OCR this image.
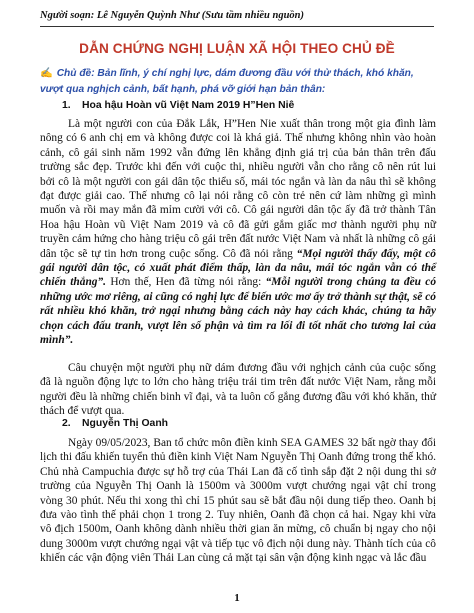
Người soạn: Lê Nguyễn Quỳnh Như (Sưu tầm nhiều nguồn)
DẪN CHỨNG NGHỊ LUẬN XÃ HỘI THEO CHỦ ĐỀ
✍ Chủ đề: Bản lĩnh, ý chí nghị lực, dám đương đầu với thử thách, khó khăn, vượt qua nghịch cảnh, bất hạnh, phá vỡ giới hạn bản thân:
1. Hoa hậu Hoàn vũ Việt Nam 2019 H”Hen Niê

Là một người con của Đắk Lắk, H”Hen Nie xuất thân trong một gia đình làm nông có 6 anh chị em và không được coi là khá giả. Thế nhưng không nhìn vào hoàn cảnh, cô gái sinh năm 1992 vẫn đứng lên khẳng định giá trị của bản thân trên đấu trường sắc đẹp. Trước khi đến với cuộc thi, nhiều người vẫn cho rằng cô nên rút lui bởi cô là một người con gái dân tộc thiểu số, mái tóc ngắn và làn da nâu thì sẽ không đạt được giải cao. Thế nhưng cô lại nói rằng cô còn trẻ nên cứ làm những gì mình muốn và rồi may mắn đã mỉm cười với cô. Cô gái người dân tộc ấy đã trở thành Tân Hoa hậu Hoàn vũ Việt Nam 2019 và cô đã gửi gắm giấc mơ thành người phụ nữ truyền cảm hứng cho hàng triệu cô gái trên đất nước Việt Nam và nhất là những cô gái dân tộc sẽ tự tin hơn trong cuộc sống. Cô đã nói rằng “Mọi người thấy đấy, một cô gái người dân tộc, có xuất phát điểm thấp, làn da nâu, mái tóc ngắn vẫn có thể chiến thắng”. Hơn thế, Hen đã từng nói rằng: “Mỗi người trong chúng ta đều có những ước mơ riêng, ai cũng có nghị lực để biến ước mơ ấy trở thành sự thật, sẽ có rất nhiều khó khăn, trở ngại nhưng bằng cách này hay cách khác, chúng ta hãy chọn cách đấu tranh, vượt lên số phận và tìm ra lối đi tốt nhất cho tương lai của mình”.

Câu chuyện một người phụ nữ dám đương đầu với nghịch cảnh của cuộc sống đã là nguồn động lực to lớn cho hàng triệu trái tim trên đất nước Việt Nam, rằng mỗi người đều là những chiến binh vĩ đại, và ta luôn cố gắng đương đầu với khó khăn, thử thách để vượt qua.

2. Nguyễn Thị Oanh

Ngày 09/05/2023, Ban tổ chức môn điền kinh SEA GAMES 32 bất ngờ thay đổi lịch thi đấu khiến tuyển thủ điền kinh Việt Nam Nguyễn Thị Oanh đứng trong thế khó. Chủ nhà Campuchia được sự hỗ trợ của Thái Lan đã cố tình sắp đặt 2 nội dung thi sở trường của Nguyễn Thị Oanh là 1500m và 3000m vượt chướng ngại vật chỉ trong vòng 30 phút. Nếu thi xong thì chỉ 15 phút sau sẽ bắt đầu nội dung tiếp theo. Oanh bị đưa vào tình thế phải chọn 1 trong 2. Tuy nhiên, Oanh đã chọn cả hai. Ngay khi vừa vô địch 1500m, Oanh không dành nhiều thời gian ăn mừng, cô chuẩn bị ngay cho nội dung 3000m vượt chướng ngại vật và tiếp tục vô địch nội dung này. Thành tích của cô khiến các vận động viên Thái Lan cùng cả mặt tại sân vận động kinh ngạc và lắc đầu

1
